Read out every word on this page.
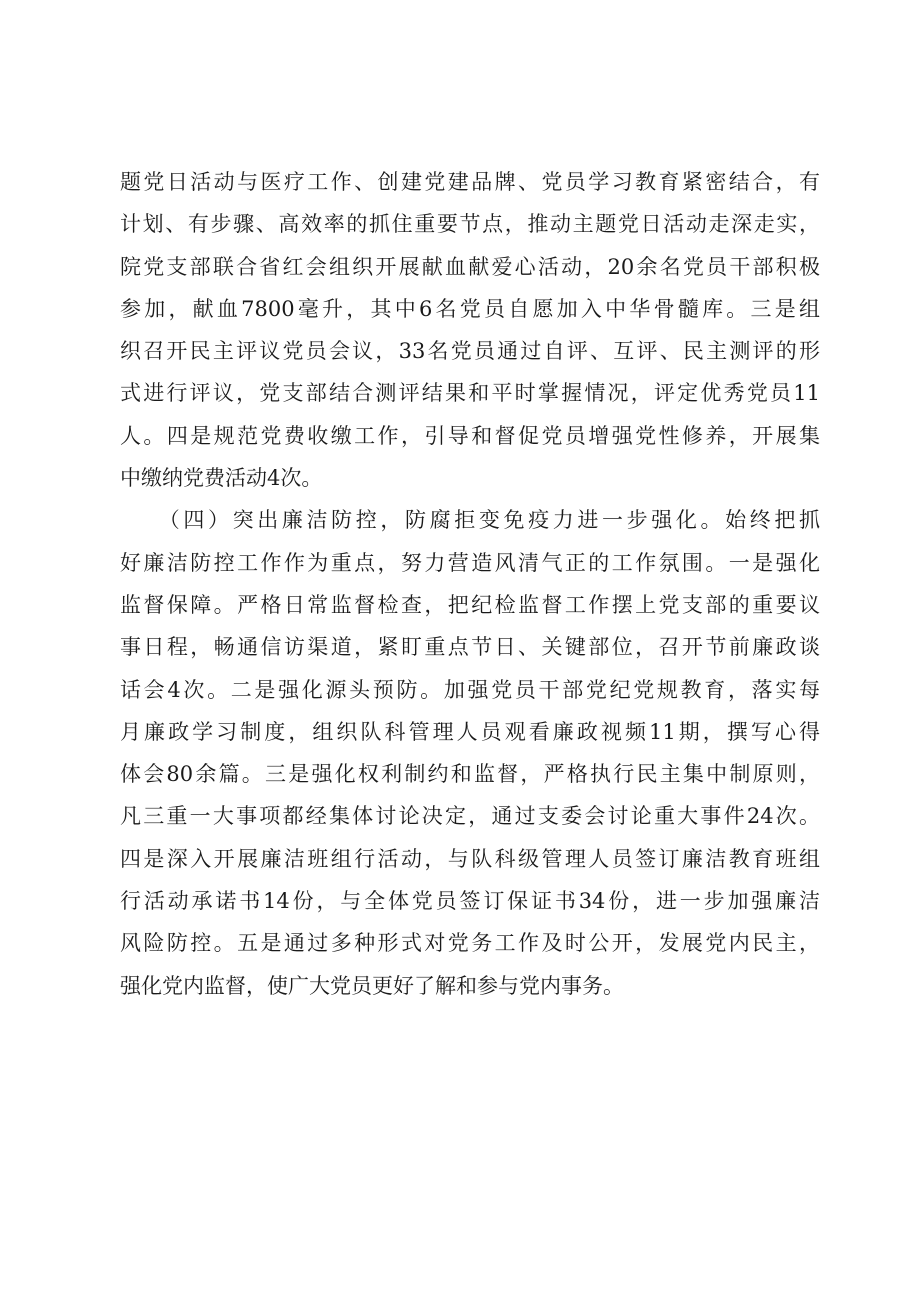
题党日活动与医疗工作、创建党建品牌、党员学习教育紧密结合，有
计划、有步骤、高效率的抓住重要节点，推动主题党日活动走深走实，
院党支部联合省红会组织开展献血献爱心活动，20余名党员干部积极
参加，献血7800毫升，其中6名党员自愿加入中华骨髓库。三是组
织召开民主评议党员会议，33名党员通过自评、互评、民主测评的形
式进行评议，党支部结合测评结果和平时掌握情况，评定优秀党员11
人。四是规范党费收缴工作，引导和督促党员增强党性修养，开展集
中缴纳党费活动4次。
　　（四）突出廉洁防控，防腐拒变免疫力进一步强化。始终把抓
好廉洁防控工作作为重点，努力营造风清气正的工作氛围。一是强化
监督保障。严格日常监督检查，把纪检监督工作摆上党支部的重要议
事日程，畅通信访渠道，紧盯重点节日、关键部位，召开节前廉政谈
话会4次。二是强化源头预防。加强党员干部党纪党规教育，落实每
月廉政学习制度，组织队科管理人员观看廉政视频11期，撰写心得
体会80余篇。三是强化权利制约和监督，严格执行民主集中制原则，
凡三重一大事项都经集体讨论决定，通过支委会讨论重大事件24次。
四是深入开展廉洁班组行活动，与队科级管理人员签订廉洁教育班组
行活动承诺书14份，与全体党员签订保证书34份，进一步加强廉洁
风险防控。五是通过多种形式对党务工作及时公开，发展党内民主，
强化党内监督，使广大党员更好了解和参与党内事务。
